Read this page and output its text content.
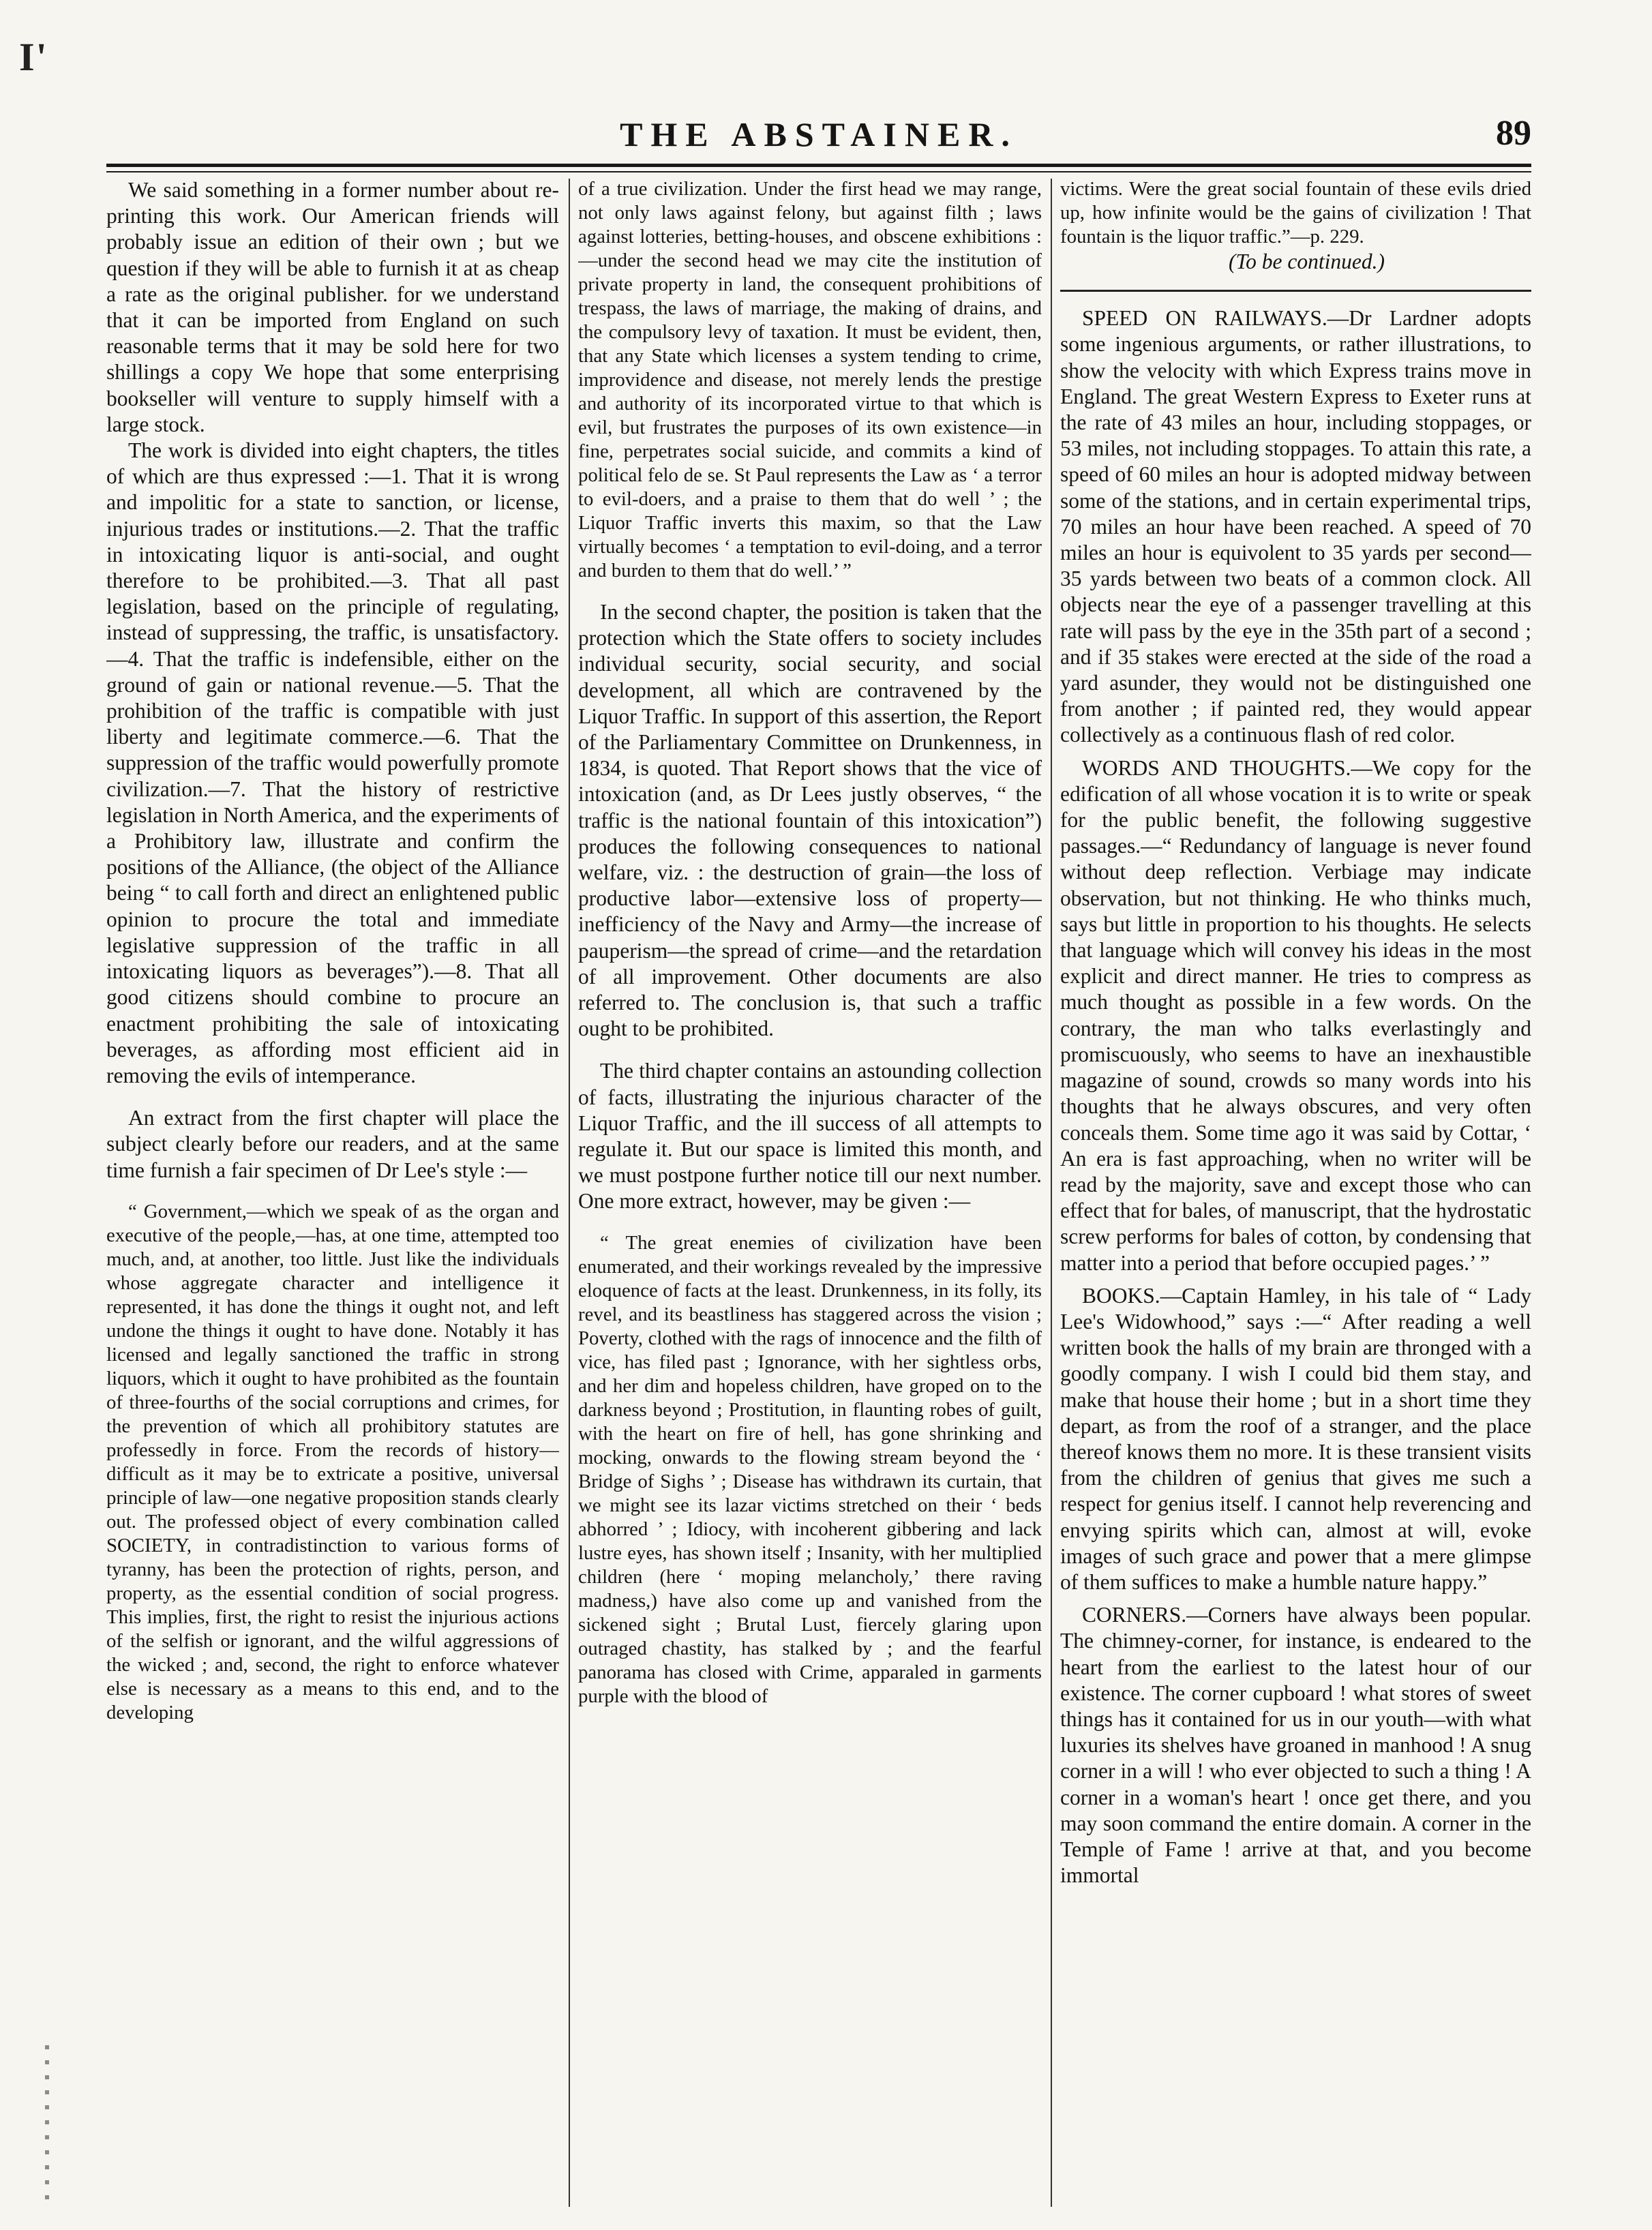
I'
THE ABSTAINER.	89

We said something in a former number about re-printing this work. Our American friends will probably issue an edition of their own ; but we question if they will be able to furnish it at as cheap a rate as the original publisher. for we understand that it can be imported from England on such reasonable terms that it may be sold here for two shillings a copy We hope that some enterprising bookseller will venture to supply himself with a large stock.

The work is divided into eight chapters, the titles of which are thus expressed :—1. That it is wrong and impolitic for a state to sanction, or license, injurious trades or institutions.—2. That the traffic in intoxicating liquor is anti-social, and ought therefore to be prohibited.—3. That all past legislation, based on the principle of regulating, instead of suppressing, the traffic, is unsatisfactory.—4. That the traffic is indefensible, either on the ground of gain or national revenue.—5. That the prohibition of the traffic is compatible with just liberty and legitimate commerce.—6. That the suppression of the traffic would powerfully promote civilization.—7. That the history of restrictive legislation in North America, and the experiments of a Prohibitory law, illustrate and confirm the positions of the Alliance, (the object of the Alliance being “ to call forth and direct an enlightened public opinion to procure the total and immediate legislative suppression of the traffic in all intoxicating liquors as beverages”).—8. That all good citizens should combine to procure an enactment prohibiting the sale of intoxicating beverages, as affording most efficient aid in removing the evils of intemperance.

An extract from the first chapter will place the subject clearly before our readers, and at the same time furnish a fair specimen of Dr Lee's style :—

“ Government,—which we speak of as the organ and executive of the people,—has, at one time, attempted too much, and, at another, too little. Just like the individuals whose aggregate character and intelligence it represented, it has done the things it ought not, and left undone the things it ought to have done. Notably it has licensed and legally sanctioned the traffic in strong liquors, which it ought to have prohibited as the fountain of three-fourths of the social corruptions and crimes, for the prevention of which all prohibitory statutes are professedly in force. From the records of history—difficult as it may be to extricate a positive, universal principle of law—one negative proposition stands clearly out. The professed object of every combination called SOCIETY, in contradistinction to various forms of tyranny, has been the protection of rights, person, and property, as the essential condition of social progress. This implies, first, the right to resist the injurious actions of the selfish or ignorant, and the wilful aggressions of the wicked ; and, second, the right to enforce whatever else is necessary as a means to this end, and to the developing

of a true civilization. Under the first head we may range, not only laws against felony, but against filth ; laws against lotteries, betting-houses, and obscene exhibitions :—under the second head we may cite the institution of private property in land, the consequent prohibitions of trespass, the laws of marriage, the making of drains, and the compulsory levy of taxation. It must be evident, then, that any State which licenses a system tending to crime, improvidence and disease, not merely lends the prestige and authority of its incorporated virtue to that which is evil, but frustrates the purposes of its own existence—in fine, perpetrates social suicide, and commits a kind of political felo de se. St Paul represents the Law as ‘ a terror to evil-doers, and a praise to them that do well ’ ; the Liquor Traffic inverts this maxim, so that the Law virtually becomes ‘ a temptation to evil-doing, and a terror and burden to them that do well.’ ”

In the second chapter, the position is taken that the protection which the State offers to society includes individual security, social security, and social development, all which are contravened by the Liquor Traffic. In support of this assertion, the Report of the Parliamentary Committee on Drunkenness, in 1834, is quoted. That Report shows that the vice of intoxication (and, as Dr Lees justly observes, “ the traffic is the national fountain of this intoxication”) produces the following consequences to national welfare, viz. : the destruction of grain—the loss of productive labor—extensive loss of property—inefficiency of the Navy and Army—the increase of pauperism—the spread of crime—and the retardation of all improvement. Other documents are also referred to. The conclusion is, that such a traffic ought to be prohibited.

The third chapter contains an astounding collection of facts, illustrating the injurious character of the Liquor Traffic, and the ill success of all attempts to regulate it. But our space is limited this month, and we must postpone further notice till our next number. One more extract, however, may be given :—

“ The great enemies of civilization have been enumerated, and their workings revealed by the impressive eloquence of facts at the least. Drunkenness, in its folly, its revel, and its beastliness has staggered across the vision ; Poverty, clothed with the rags of innocence and the filth of vice, has filed past ; Ignorance, with her sightless orbs, and her dim and hopeless children, have groped on to the darkness beyond ; Prostitution, in flaunting robes of guilt, with the heart on fire of hell, has gone shrinking and mocking, onwards to the flowing stream beyond the ‘ Bridge of Sighs ’ ; Disease has withdrawn its curtain, that we might see its lazar victims stretched on their ‘ beds abhorred ’ ; Idiocy, with incoherent gibbering and lack lustre eyes, has shown itself ; Insanity, with her multiplied children (here ‘ moping melancholy,’ there raving madness,) have also come up and vanished from the sickened sight ; Brutal Lust, fiercely glaring upon outraged chastity, has stalked by ; and the fearful panorama has closed with Crime, apparaled in garments purple with the blood of

victims. Were the great social fountain of these evils dried up, how infinite would be the gains of civilization ! That fountain is the liquor traffic.”—p. 229.

(To be continued.)

SPEED ON RAILWAYS.—Dr Lardner adopts some ingenious arguments, or rather illustrations, to show the velocity with which Express trains move in England. The great Western Express to Exeter runs at the rate of 43 miles an hour, including stoppages, or 53 miles, not including stoppages. To attain this rate, a speed of 60 miles an hour is adopted midway between some of the stations, and in certain experimental trips, 70 miles an hour have been reached. A speed of 70 miles an hour is equivolent to 35 yards per second—35 yards between two beats of a common clock. All objects near the eye of a passenger travelling at this rate will pass by the eye in the 35th part of a second ; and if 35 stakes were erected at the side of the road a yard asunder, they would not be distinguished one from another ; if painted red, they would appear collectively as a continuous flash of red color.

WORDS AND THOUGHTS.—We copy for the edification of all whose vocation it is to write or speak for the public benefit, the following suggestive passages.—“ Redundancy of language is never found without deep reflection. Verbiage may indicate observation, but not thinking. He who thinks much, says but little in proportion to his thoughts. He selects that language which will convey his ideas in the most explicit and direct manner. He tries to compress as much thought as possible in a few words. On the contrary, the man who talks everlastingly and promiscuously, who seems to have an inexhaustible magazine of sound, crowds so many words into his thoughts that he always obscures, and very often conceals them. Some time ago it was said by Cottar, ‘ An era is fast approaching, when no writer will be read by the majority, save and except those who can effect that for bales, of manuscript, that the hydrostatic screw performs for bales of cotton, by condensing that matter into a period that before occupied pages.’ ”

BOOKS.—Captain Hamley, in his tale of “ Lady Lee's Widowhood,” says :—“ After reading a well written book the halls of my brain are thronged with a goodly company. I wish I could bid them stay, and make that house their home ; but in a short time they depart, as from the roof of a stranger, and the place thereof knows them no more. It is these transient visits from the children of genius that gives me such a respect for genius itself. I cannot help reverencing and envying spirits which can, almost at will, evoke images of such grace and power that a mere glimpse of them suffices to make a humble nature happy.”

CORNERS.—Corners have always been popular. The chimney-corner, for instance, is endeared to the heart from the earliest to the latest hour of our existence. The corner cupboard ! what stores of sweet things has it contained for us in our youth—with what luxuries its shelves have groaned in manhood ! A snug corner in a will ! who ever objected to such a thing ! A corner in a woman's heart ! once get there, and you may soon command the entire domain. A corner in the Temple of Fame ! arrive at that, and you become immortal
